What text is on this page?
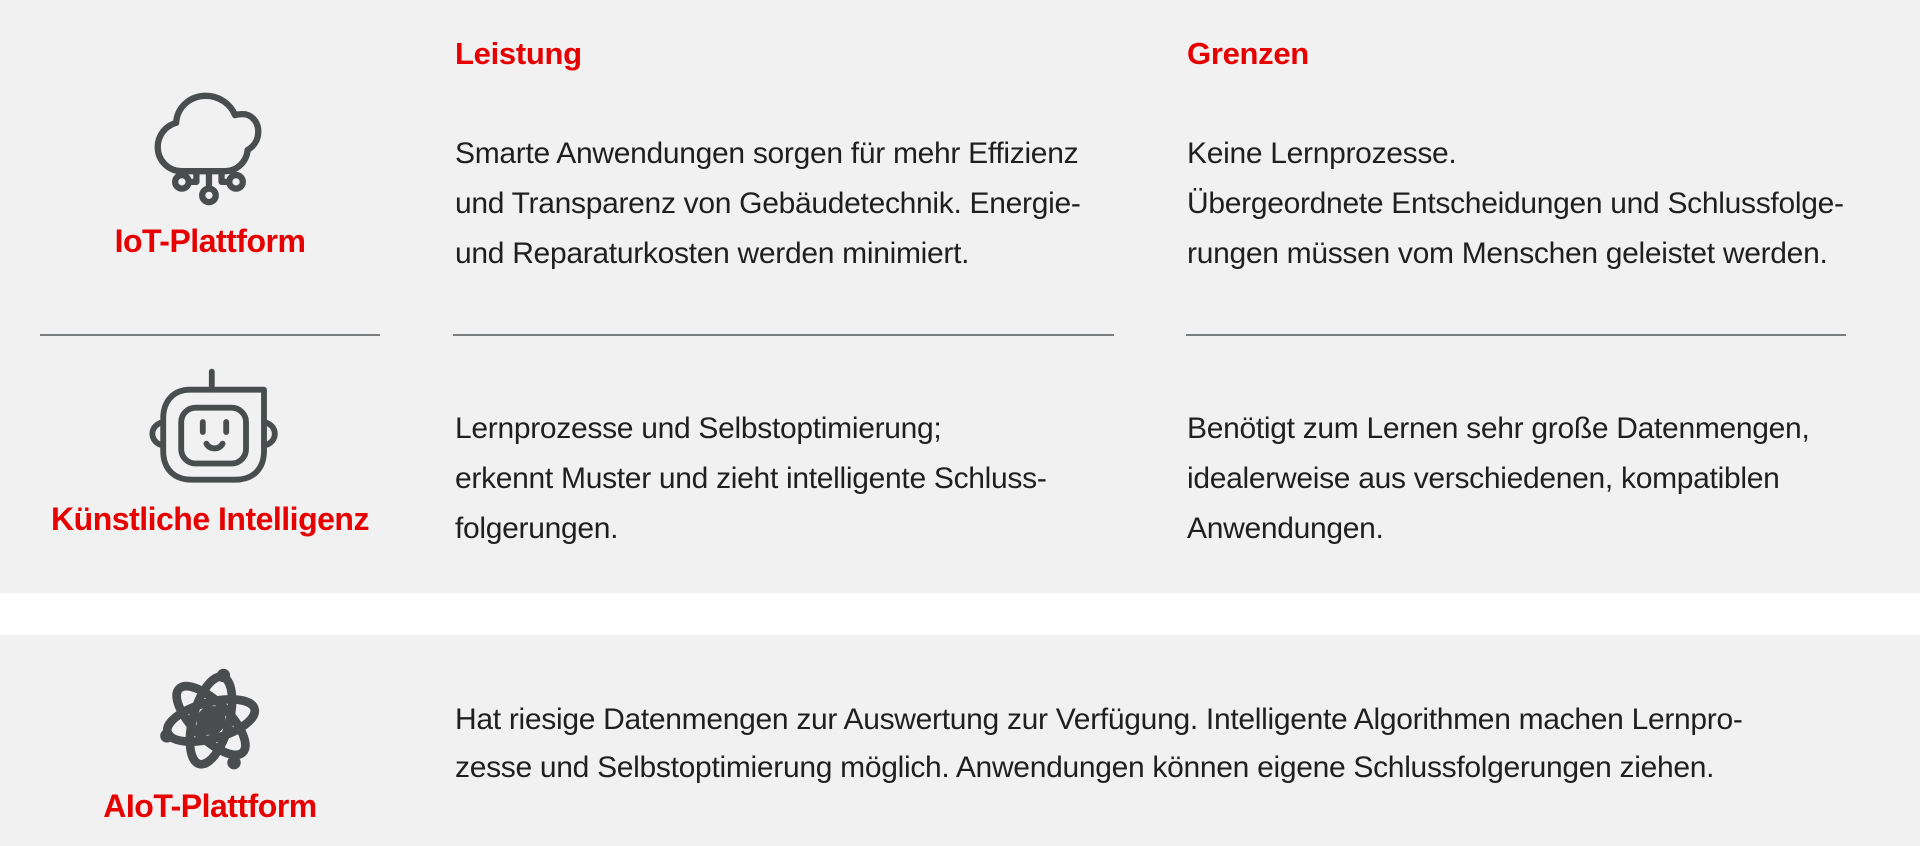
Leistung	Grenzen
IoT-Plattform
Smarte Anwendungen sorgen für mehr Effizienz
und Transparenz von Gebäudetechnik. Energie-
und Reparaturkosten werden minimiert.
Keine Lernprozesse.
Übergeordnete Entscheidungen und Schlussfolge-
rungen müssen vom Menschen geleistet werden.
Künstliche Intelligenz
Lernprozesse und Selbstoptimierung;
erkennt Muster und zieht intelligente Schluss-
folgerungen.
Benötigt zum Lernen sehr große Datenmengen,
idealerweise aus verschiedenen, kompatiblen
Anwendungen.
AIoT-Plattform
Hat riesige Datenmengen zur Auswertung zur Verfügung. Intelligente Algorithmen machen Lernpro-
zesse und Selbstoptimierung möglich. Anwendungen können eigene Schlussfolgerungen ziehen.
